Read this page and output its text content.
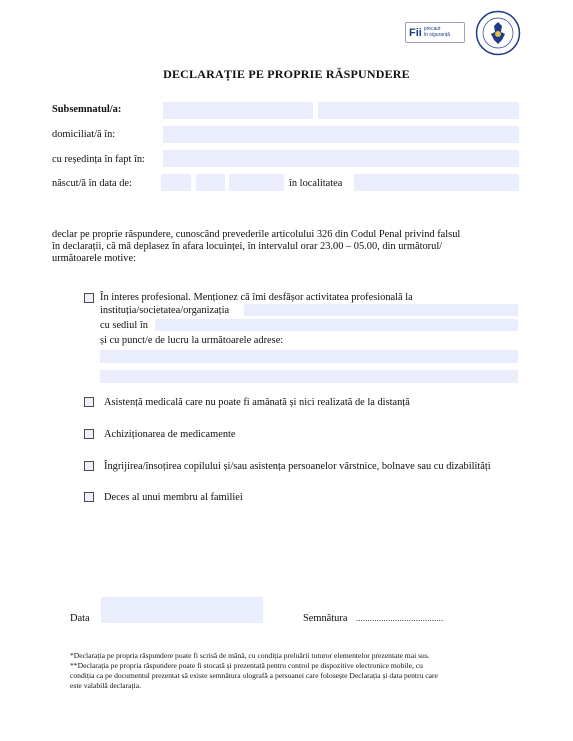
Fii precaut
în siguranță
DECLARAȚIE PE PROPRIE RĂSPUNDERE
Subsemnatul/a:
domiciliat/ă în:
cu reședința în fapt în:
născut/ă în data de:	în localitatea
declar pe proprie răspundere, cunoscând prevederile articolului 326 din Codul Penal privind falsul
în declarații, că mă deplasez în afara locuinței, în intervalul orar 23.00 – 05.00, din următorul/
următoarele motive:
În interes profesional. Menționez că îmi desfășor activitatea profesională la
instituția/societatea/organizația
cu sediul în
și cu punct/e de lucru la următoarele adrese:
Asistență medicală care nu poate fi amânată și nici realizată de la distanță
Achiziționarea de medicamente
Îngrijirea/însoțirea copilului și/sau asistența persoanelor vârstnice, bolnave sau cu dizabilități
Deces al unui membru al familiei
Data	Semnătura ......................................
*Declarația pe propria răspundere poate fi scrisă de mână, cu condiția preluării tuturor elementelor prezentate mai sus.
**Declarația pe propria răspundere poate fi stocată și prezentată pentru control pe dispozitive electronice mobile, cu
condiția ca pe documentul prezentat să existe semnătura olografă a persoanei care folosește Declarația și data pentru care
este valabilă declarația.
